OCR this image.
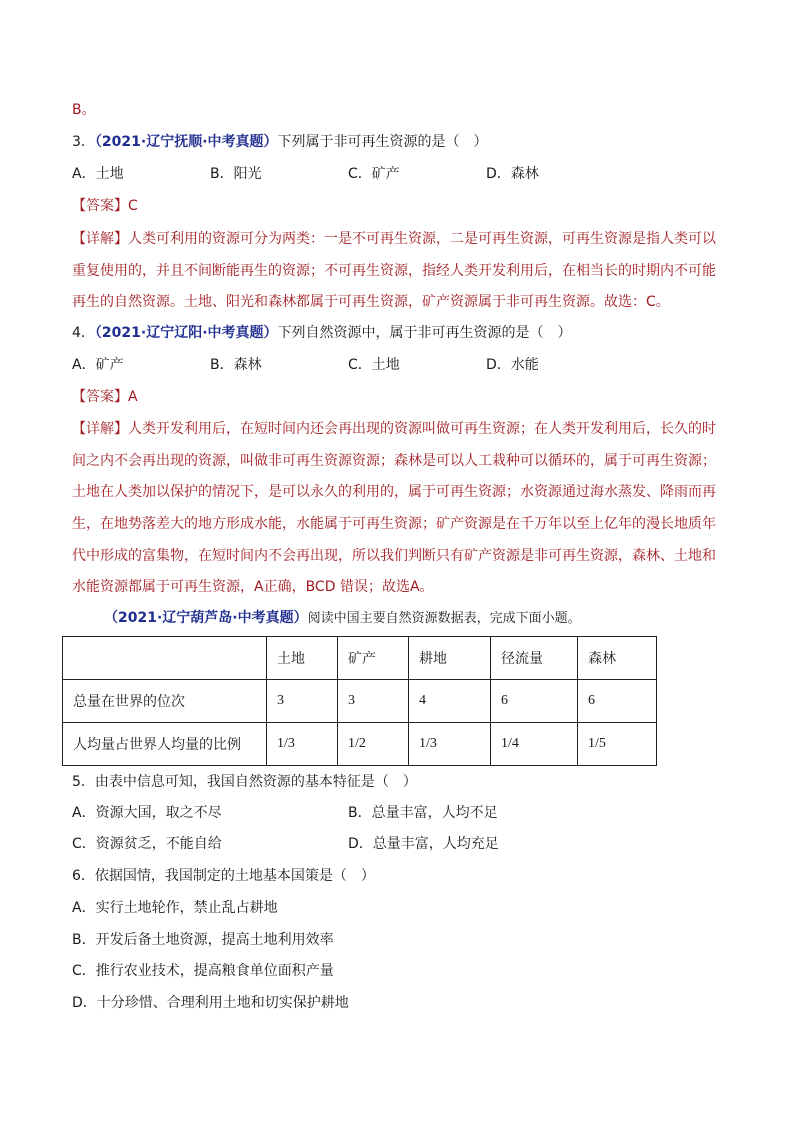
B。
3．（2021·辽宁抚顺·中考真题）下列属于非可再生资源的是（　）
A．土地	B．阳光	C．矿产	D．森林
【答案】C
【详解】人类可利用的资源可分为两类：一是不可再生资源，二是可再生资源，可再生资源是指人类可以
重复使用的，并且不间断能再生的资源；不可再生资源，指经人类开发利用后，在相当长的时期内不可能
再生的自然资源。土地、阳光和森林都属于可再生资源，矿产资源属于非可再生资源。故选：C。
4．（2021·辽宁辽阳·中考真题）下列自然资源中，属于非可再生资源的是（　）
A．矿产	B．森林	C．土地	D．水能
【答案】A
【详解】人类开发利用后，在短时间内还会再出现的资源叫做可再生资源；在人类开发利用后，长久的时
间之内不会再出现的资源，叫做非可再生资源资源；森林是可以人工栽种可以循环的，属于可再生资源；
土地在人类加以保护的情况下，是可以永久的利用的，属于可再生资源；水资源通过海水蒸发、降雨而再
生，在地势落差大的地方形成水能，水能属于可再生资源；矿产资源是在千万年以至上亿年的漫长地质年
代中形成的富集物，在短时间内不会再出现，所以我们判断只有矿产资源是非可再生资源，森林、土地和
水能资源都属于可再生资源，A正确，BCD 错误；故选A。
（2021·辽宁葫芦岛·中考真题）阅读中国主要自然资源数据表，完成下面小题。
	土地	矿产	耕地	径流量	森林
总量在世界的位次	3	3	4	6	6
人均量占世界人均量的比例	1/3	1/2	1/3	1/4	1/5
5．由表中信息可知，我国自然资源的基本特征是（　）
A．资源大国，取之不尽	B．总量丰富，人均不足
C．资源贫乏，不能自给	D．总量丰富，人均充足
6．依据国情，我国制定的土地基本国策是（　）
A．实行土地轮作，禁止乱占耕地
B．开发后备土地资源，提高土地利用效率
C．推行农业技术，提高粮食单位面积产量
D．十分珍惜、合理利用土地和切实保护耕地
